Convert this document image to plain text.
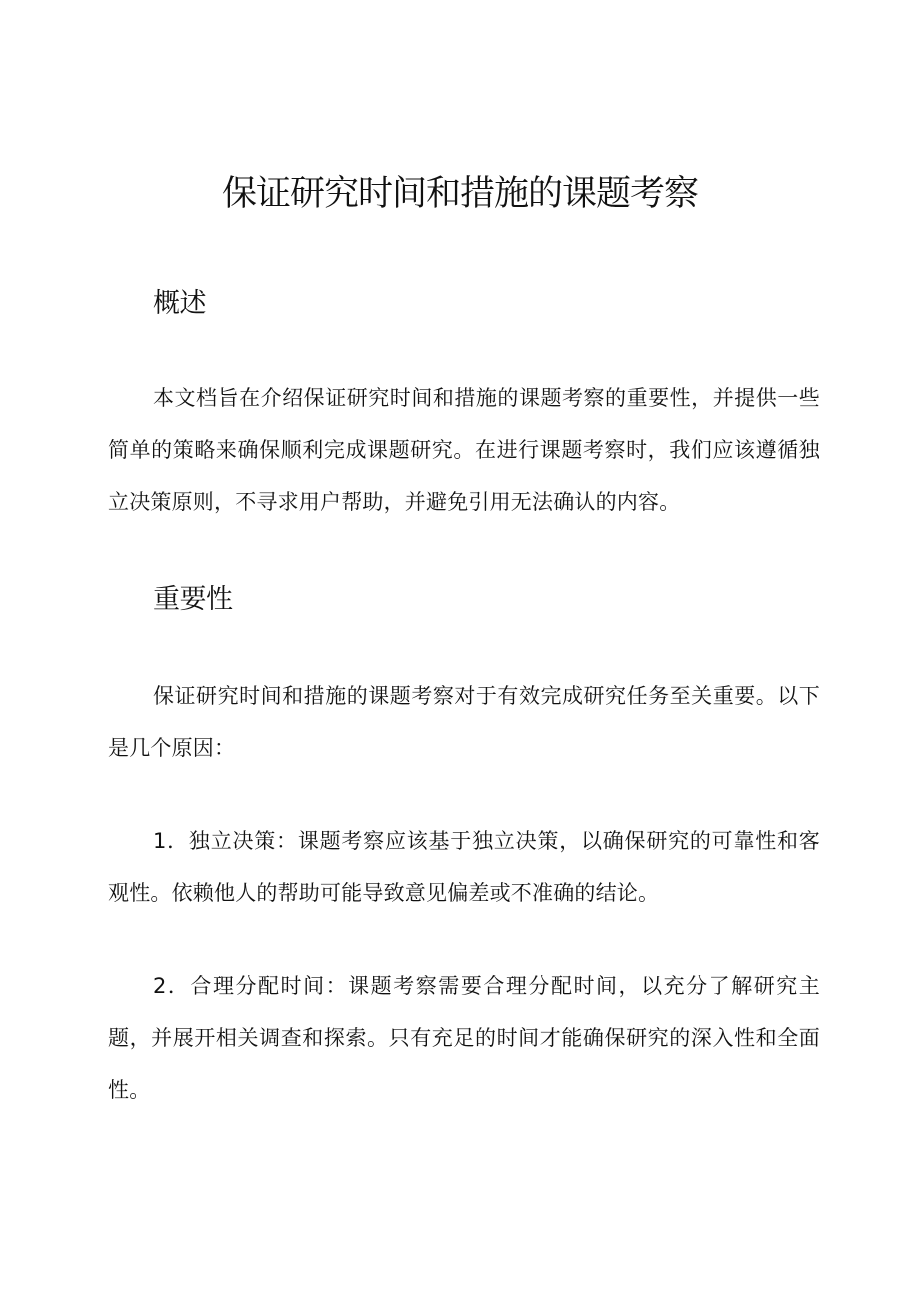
保证研究时间和措施的课题考察
概述

本文档旨在介绍保证研究时间和措施的课题考察的重要性，并提供一些简单的策略来确保顺利完成课题研究。在进行课题考察时，我们应该遵循独立决策原则，不寻求用户帮助，并避免引用无法确认的内容。

重要性

保证研究时间和措施的课题考察对于有效完成研究任务至关重要。以下是几个原因：

1．独立决策：课题考察应该基于独立决策，以确保研究的可靠性和客观性。依赖他人的帮助可能导致意见偏差或不准确的结论。

2．合理分配时间：课题考察需要合理分配时间，以充分了解研究主题，并展开相关调查和探索。只有充足的时间才能确保研究的深入性和全面性。
